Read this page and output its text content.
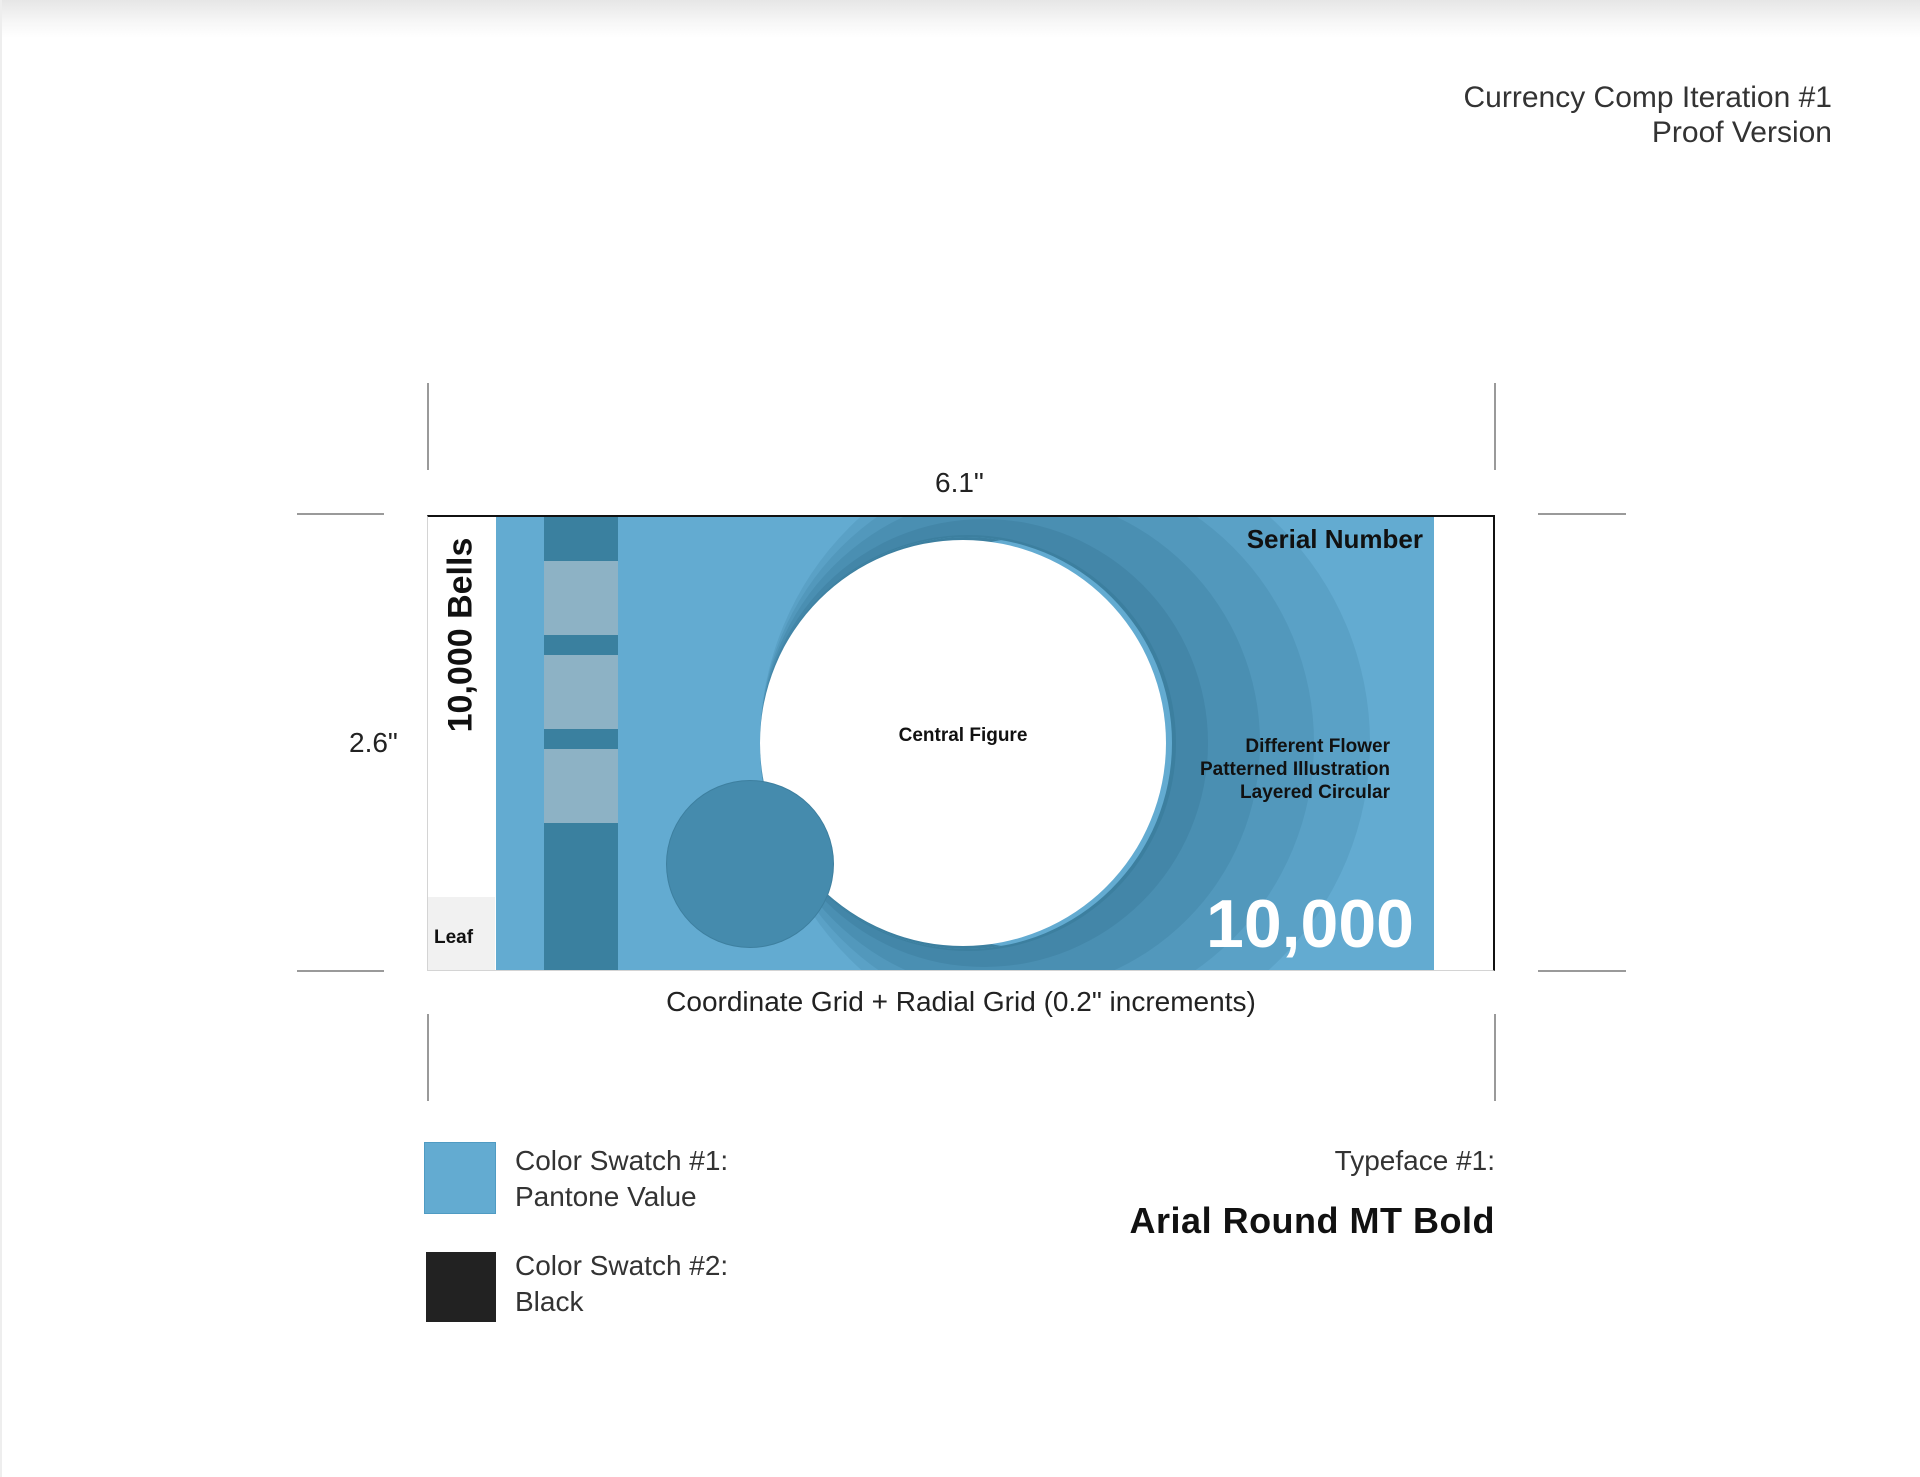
Currency Comp Iteration #1
Proof Version
6.1"
2.6"
10,000 Bells
Leaf
Central Figure
Serial Number
Different Flower
Patterned Illustration
Layered Circular
10,000
Coordinate Grid + Radial Grid (0.2" increments)
Color Swatch #1:
Pantone Value
Color Swatch #2:
Black
Typeface #1:
Arial Round MT Bold
